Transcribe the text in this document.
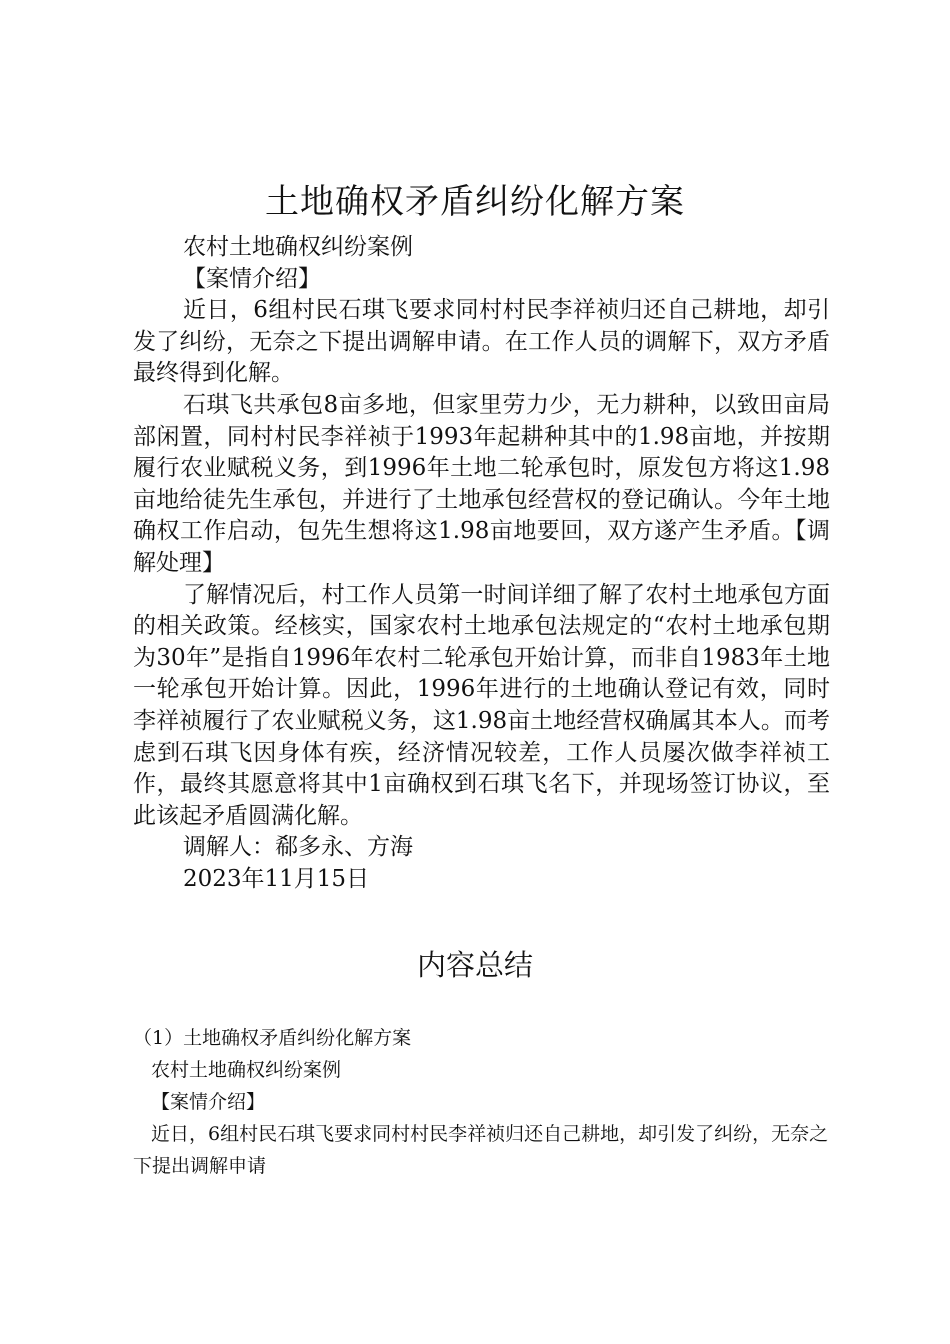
土地确权矛盾纠纷化解方案

农村土地确权纠纷案例

【案情介绍】

近日，6组村民石琪飞要求同村村民李祥祯归还自己耕地，却引发了纠纷，无奈之下提出调解申请。在工作人员的调解下，双方矛盾最终得到化解。

石琪飞共承包8亩多地，但家里劳力少，无力耕种，以致田亩局部闲置，同村村民李祥祯于1993年起耕种其中的1.98亩地，并按期履行农业赋税义务，到1996年土地二轮承包时，原发包方将这1.98亩地给徒先生承包，并进行了土地承包经营权的登记确认。今年土地确权工作启动，包先生想将这1.98亩地要回，双方遂产生矛盾。【调解处理】

了解情况后，村工作人员第一时间详细了解了农村土地承包方面的相关政策。经核实，国家农村土地承包法规定的“农村土地承包期为30年”是指自1996年农村二轮承包开始计算，而非自1983年土地一轮承包开始计算。因此，1996年进行的土地确认登记有效，同时李祥祯履行了农业赋税义务，这1.98亩土地经营权确属其本人。而考虑到石琪飞因身体有疾，经济情况较差，工作人员屡次做李祥祯工作，最终其愿意将其中1亩确权到石琪飞名下，并现场签订协议，至此该起矛盾圆满化解。

调解人：郗多永、方海

2023年11月15日

内容总结

（1）土地确权矛盾纠纷化解方案

农村土地确权纠纷案例

【案情介绍】

近日，6组村民石琪飞要求同村村民李祥祯归还自己耕地，却引发了纠纷，无奈之下提出调解申请
